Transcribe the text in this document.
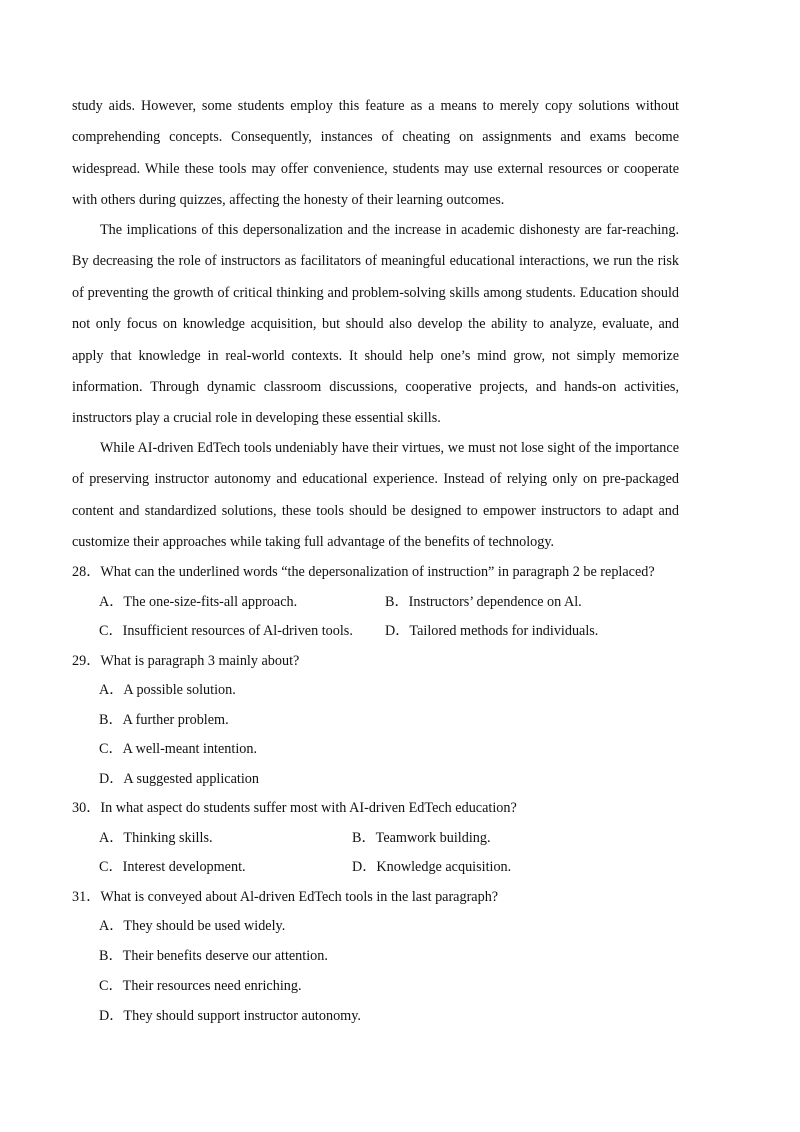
study aids. However, some students employ this feature as a means to merely copy solutions without comprehending concepts. Consequently, instances of cheating on assignments and exams become widespread. While these tools may offer convenience, students may use external resources or cooperate with others during quizzes, affecting the honesty of their learning outcomes.

The implications of this depersonalization and the increase in academic dishonesty are far-reaching. By decreasing the role of instructors as facilitators of meaningful educational interactions, we run the risk of preventing the growth of critical thinking and problem-solving skills among students. Education should not only focus on knowledge acquisition, but should also develop the ability to analyze, evaluate, and apply that knowledge in real-world contexts. It should help one’s mind grow, not simply memorize information. Through dynamic classroom discussions, cooperative projects, and hands-on activities, instructors play a crucial role in developing these essential skills.

While AI-driven EdTech tools undeniably have their virtues, we must not lose sight of the importance of preserving instructor autonomy and educational experience. Instead of relying only on pre-packaged content and standardized solutions, these tools should be designed to empower instructors to adapt and customize their approaches while taking full advantage of the benefits of technology.

28．What can the underlined words “the depersonalization of instruction” in paragraph 2 be replaced?

A．The one-size-fits-all approach.	B．Instructors’ dependence on Al.
C．Insufficient resources of Al-driven tools. D．Tailored methods for individuals.

29．What is paragraph 3 mainly about?

A．A possible solution.
B．A further problem.
C．A well-meant intention.
D．A suggested application

30．In what aspect do students suffer most with AI-driven EdTech education?

A．Thinking skills.	B．Teamwork building.
C．Interest development.	D．Knowledge acquisition.

31．What is conveyed about Al-driven EdTech tools in the last paragraph?

A．They should be used widely.
B．Their benefits deserve our attention.
C．Their resources need enriching.
D．They should support instructor autonomy.
